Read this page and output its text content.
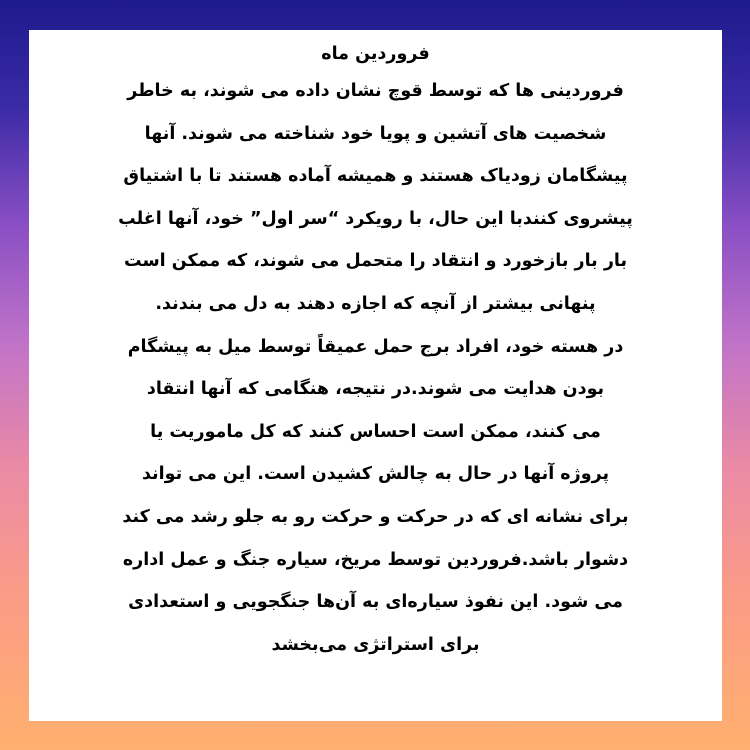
فروردین ماه
فروردینی ها که توسط قوچ نشان داده می شوند، به خاطر
شخصیت های آتشین و پویا خود شناخته می شوند. آنها
پیشگامان زودیاک هستند و همیشه آماده هستند تا با اشتیاق
پیشروی کنندبا این حال، با رویکرد “سر اول” خود، آنها اغلب
بار بار بازخورد و انتقاد را متحمل می شوند، که ممکن است
پنهانی بیشتر از آنچه که اجازه دهند به دل می بندند.
در هسته خود، افراد برج حمل عمیقاً توسط میل به پیشگام
بودن هدایت می شوند.در نتیجه، هنگامی که آنها انتقاد
می کنند، ممکن است احساس کنند که کل ماموریت یا
پروژه آنها در حال به چالش کشیدن است. این می تواند
برای نشانه ای که در حرکت و حرکت رو به جلو رشد می کند
دشوار باشد.فروردین توسط مریخ، سیاره جنگ و عمل اداره
می شود. این نفوذ سیاره‌ای به آن‌ها جنگجویی و استعدادی
برای استراتژی می‌بخشد
